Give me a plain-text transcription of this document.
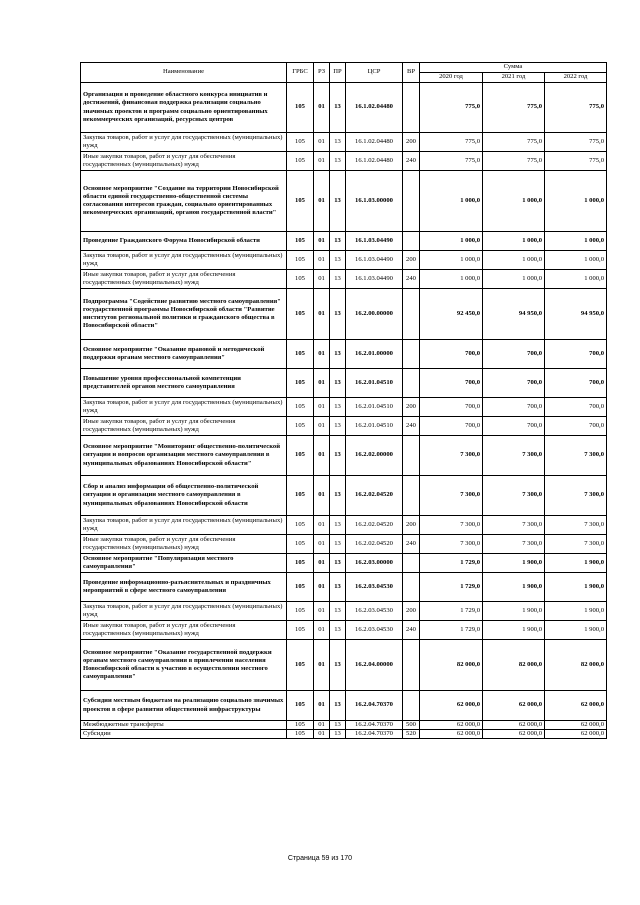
Наименование	ГРБС	РЗ	ПР	ЦСР	ВР	Сумма		
						2020 год	2021 год	2022 год
Организация и проведение областного конкурса инициатив и достижений, финансовая поддержка реализации социально значимых проектов и программ социально ориентированных некоммерческих организаций, ресурсных центров	105	01	13	16.1.02.04480		775,0	775,0	775,0
Закупка товаров, работ и услуг для государственных (муниципальных) нужд	105	01	13	16.1.02.04480	200	775,0	775,0	775,0
Иные закупки товаров, работ и услуг для обеспечения государственных (муниципальных) нужд	105	01	13	16.1.02.04480	240	775,0	775,0	775,0
Основное мероприятие "Создание на территории Новосибирской области единой государственно-общественной системы согласования интересов граждан, социально ориентированных некоммерческих организаций, органов государственной власти"	105	01	13	16.1.03.00000		1 000,0	1 000,0	1 000,0
Проведение Гражданского Форума Новосибирской области	105	01	13	16.1.03.04490		1 000,0	1 000,0	1 000,0
Закупка товаров, работ и услуг для государственных (муниципальных) нужд	105	01	13	16.1.03.04490	200	1 000,0	1 000,0	1 000,0
Иные закупки товаров, работ и услуг для обеспечения государственных (муниципальных) нужд	105	01	13	16.1.03.04490	240	1 000,0	1 000,0	1 000,0
Подпрограмма "Содействие развитию местного самоуправления" государственной программы Новосибирской области "Развитие институтов региональной политики и гражданского общества в Новосибирской области"	105	01	13	16.2.00.00000		92 450,0	94 950,0	94 950,0
Основное мероприятие "Оказание правовой и методической поддержки органам местного самоуправления"	105	01	13	16.2.01.00000		700,0	700,0	700,0
Повышение уровня профессиональной компетенции представителей органов местного самоуправления	105	01	13	16.2.01.04510		700,0	700,0	700,0
Закупка товаров, работ и услуг для государственных (муниципальных) нужд	105	01	13	16.2.01.04510	200	700,0	700,0	700,0
Иные закупки товаров, работ и услуг для обеспечения государственных (муниципальных) нужд	105	01	13	16.2.01.04510	240	700,0	700,0	700,0
Основное мероприятие "Мониторинг общественно-политической ситуации и вопросов организации местного самоуправления в муниципальных образованиях Новосибирской области"	105	01	13	16.2.02.00000		7 300,0	7 300,0	7 300,0
Сбор и анализ информации об общественно-политической ситуации и организации местного самоуправления в муниципальных образованиях Новосибирской области	105	01	13	16.2.02.04520		7 300,0	7 300,0	7 300,0
Закупка товаров, работ и услуг для государственных (муниципальных) нужд	105	01	13	16.2.02.04520	200	7 300,0	7 300,0	7 300,0
Иные закупки товаров, работ и услуг для обеспечения государственных (муниципальных) нужд	105	01	13	16.2.02.04520	240	7 300,0	7 300,0	7 300,0
Основное мероприятие "Популяризация местного самоуправления"	105	01	13	16.2.03.00000		1 729,0	1 900,0	1 900,0
Проведение информационно-разъяснительных и праздничных мероприятий в сфере местного самоуправления	105	01	13	16.2.03.04530		1 729,0	1 900,0	1 900,0
Закупка товаров, работ и услуг для государственных (муниципальных) нужд	105	01	13	16.2.03.04530	200	1 729,0	1 900,0	1 900,0
Иные закупки товаров, работ и услуг для обеспечения государственных (муниципальных) нужд	105	01	13	16.2.03.04530	240	1 729,0	1 900,0	1 900,0
Основное мероприятие "Оказание государственной поддержки органам местного самоуправления в привлечении населения Новосибирской области к участию в осуществлении местного самоуправления"	105	01	13	16.2.04.00000		82 000,0	82 000,0	82 000,0
Субсидии местным бюджетам на реализацию социально значимых проектов в сфере развития общественной инфраструктуры	105	01	13	16.2.04.70370		62 000,0	62 000,0	62 000,0
Межбюджетные трансферты	105	01	13	16.2.04.70370	500	62 000,0	62 000,0	62 000,0
Субсидии	105	01	13	16.2.04.70370	520	62 000,0	62 000,0	62 000,0
Страница 59 из 170
